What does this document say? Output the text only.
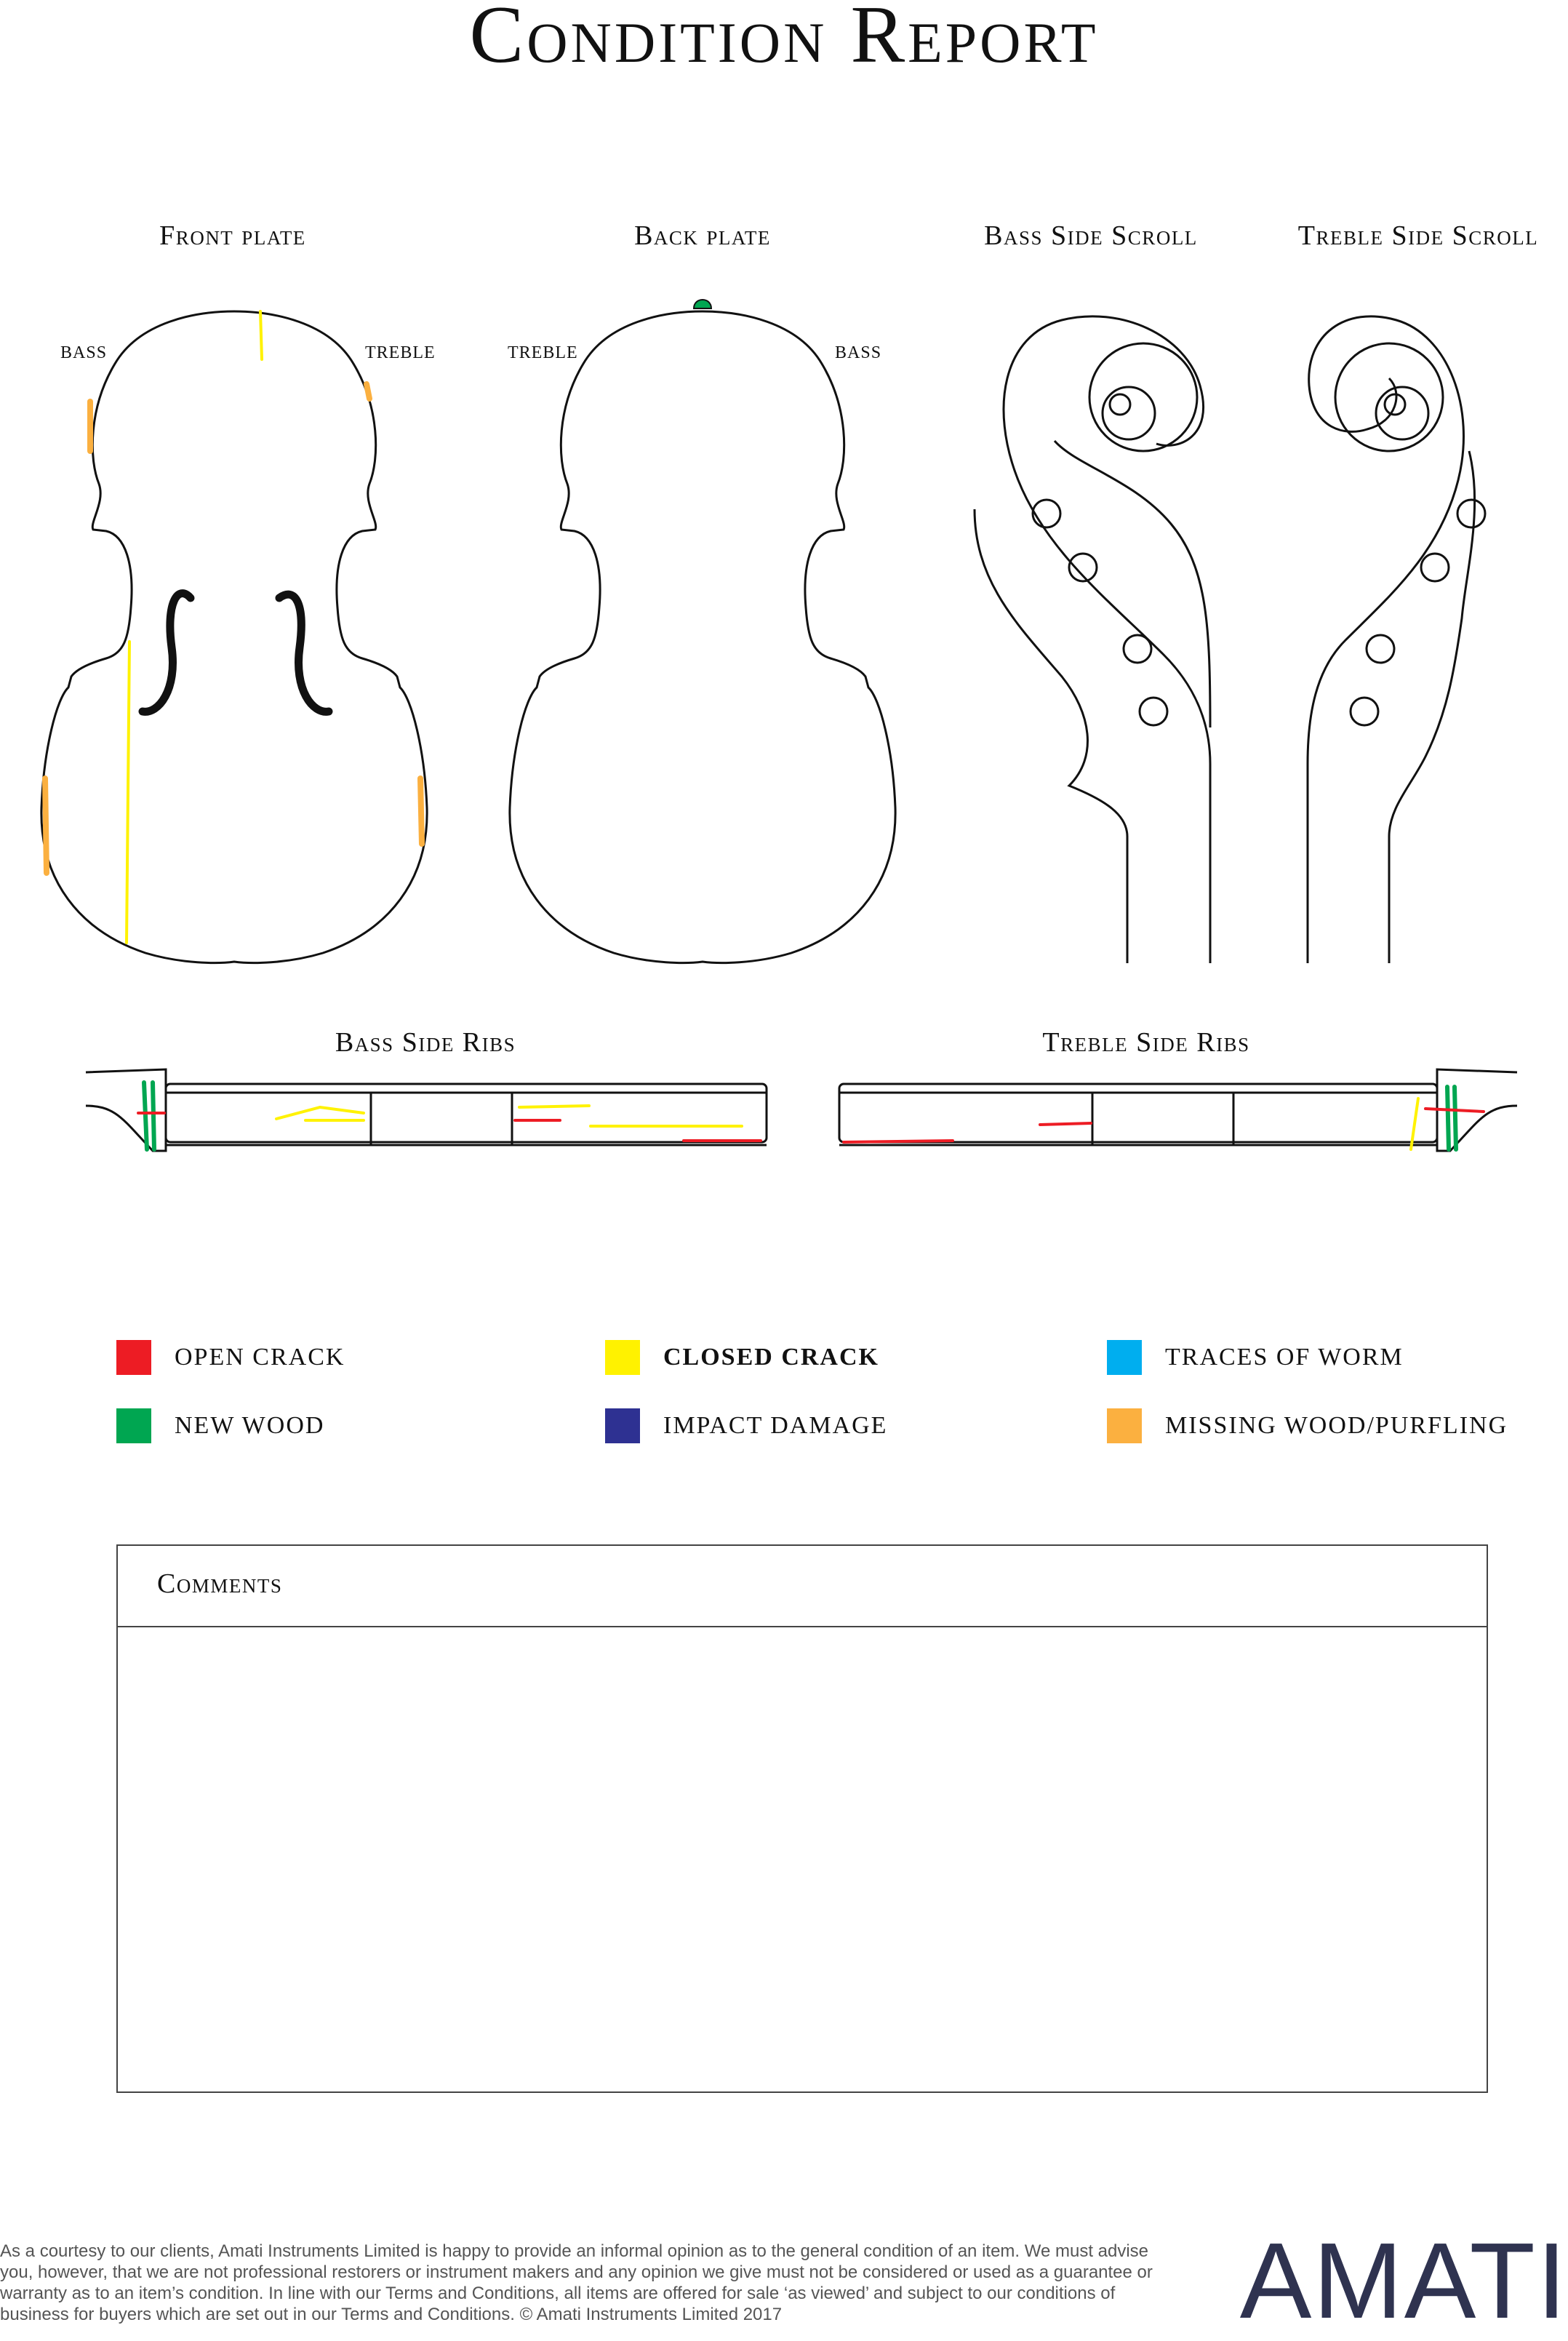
Condition Report
Front plate	Back plate	Bass Side Scroll	Treble Side Scroll
Bass Side Ribs	Treble Side Ribs
BASS	TREBLE	TREBLE	BASS
OPEN CRACK	CLOSED CRACK	TRACES OF WORM
NEW WOOD	IMPACT DAMAGE	MISSING WOOD/PURFLING
Comments
As a courtesy to our clients, Amati Instruments Limited is happy to provide an informal opinion as to the general condition of an item. We must advise you, however, that we are not professional restorers or instrument makers and any opinion we give must not be considered or used as a guarantee or warranty as to an item’s condition. In line with our Terms and Conditions, all items are offered for sale ‘as viewed’ and subject to our conditions of business for buyers which are set out in our Terms and Conditions. © Amati Instruments Limited 2017	AMATI
